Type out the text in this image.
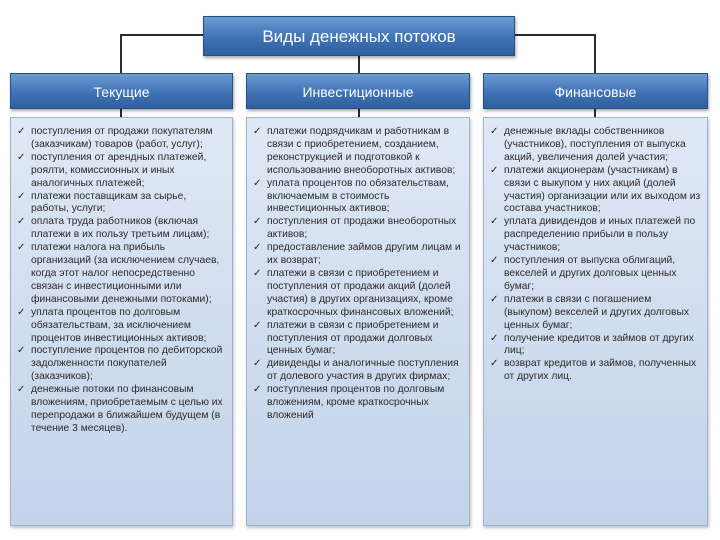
Виды денежных потоков
Текущие	Инвестиционные	Финансовые
✓ поступления от продажи покупателям (заказчикам) товаров (работ, услуг);
✓ поступления от арендных платежей, роялти, комиссионных и иных аналогичных платежей;
✓ платежи поставщикам за сырье, работы, услуги;
✓ оплата труда работников (включая платежи в их пользу третьим лицам);
✓ платежи налога на прибыль организаций (за исключением случаев, когда этот налог непосредственно связан с инвестиционными или финансовыми денежными потоками);
✓ уплата процентов по долговым обязательствам, за исключением процентов инвестиционных активов;
✓ поступление процентов по дебиторской задолженности покупателей (заказчиков);
✓ денежные потоки по финансовым вложениям, приобретаемым с целью их перепродажи в ближайшем будущем (в течение 3 месяцев).
✓ платежи подрядчикам и работникам в связи с приобретением, созданием, реконструкцией и подготовкой к использованию внеоборотных активов;
✓ уплата процентов по обязательствам, включаемым в стоимость инвестиционных активов;
✓ поступления от продажи внеоборотных активов;
✓ предоставление займов другим лицам и их возврат;
✓ платежи в связи с приобретением и поступления от продажи акций (долей участия) в других организациях, кроме краткосрочных финансовых вложений;
✓ платежи в связи с приобретением и поступления от продажи долговых ценных бумаг;
✓ дивиденды и аналогичные поступления от долевого участия в других фирмах;
✓ поступления процентов по долговым вложениям, кроме краткосрочных вложений
✓ денежные вклады собственников (участников), поступления от выпуска акций, увеличения долей участия;
✓ платежи акционерам (участникам) в связи с выкупом у них акций (долей участия) организации или их выходом из состава участников;
✓ уплата дивидендов и иных платежей по распределению прибыли в пользу участников;
✓ поступления от выпуска облигаций, векселей и других долговых ценных бумаг;
✓ платежи в связи с погашением (выкупом) векселей и других долговых ценных бумаг;
✓ получение кредитов и займов от других лиц;
✓ возврат кредитов и займов, полученных от других лиц.
